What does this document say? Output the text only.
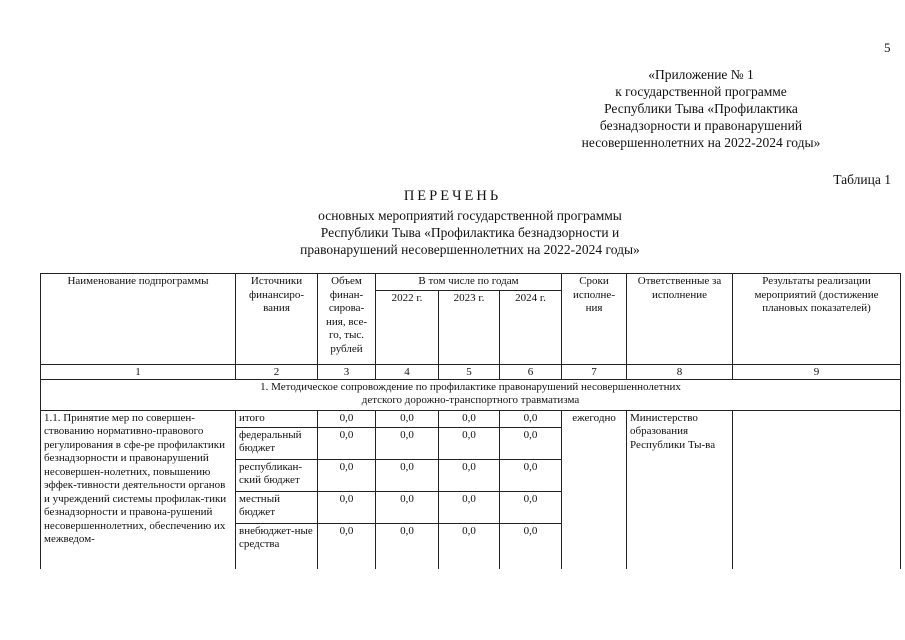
5
«Приложение № 1
к государственной программе
Республики Тыва «Профилактика
безнадзорности и правонарушений
несовершеннолетних на 2022-2024 годы»
Таблица 1
ПЕРЕЧЕНЬ
основных мероприятий государственной программы
Республики Тыва «Профилактика безнадзорности и
правонарушений несовершеннолетних на 2022-2024 годы»
Наименование подпрограммы	Источники финансиро-вания	Объем финан-сирова-ния, все-го, тыс. рублей	В том числе по годам			Сроки исполне-ния	Ответственные за исполнение	Результаты реализации мероприятий (достижение плановых показателей)
			2022 г.	2023 г.	2024 г.			
1	2	3	4	5	6	7	8	9

1. Методическое сопровождение по профилактике правонарушений несовершеннолетних детского дорожно-транспортного травматизма								

1.1. Принятие мер по совершен-ствованию нормативно-правового регулирования в сфе-ре профилактики безнадзорности и правонарушений несовершен-нолетних, повышению эффек-тивности деятельности органов и учреждений системы профилак-тики безнадзорности и правона-рушений несовершеннолетних, обеспечению их межведом-	итого	0,0	0,0	0,0	0,0	ежегодно	Министерство образования Республики Ты-ва	
	федеральный бюджет	0,0	0,0	0,0	0,0			
	республикан-ский бюджет	0,0	0,0	0,0	0,0			
	местный бюджет	0,0	0,0	0,0	0,0			
	внебюджет-ные средства	0,0	0,0	0,0	0,0			
